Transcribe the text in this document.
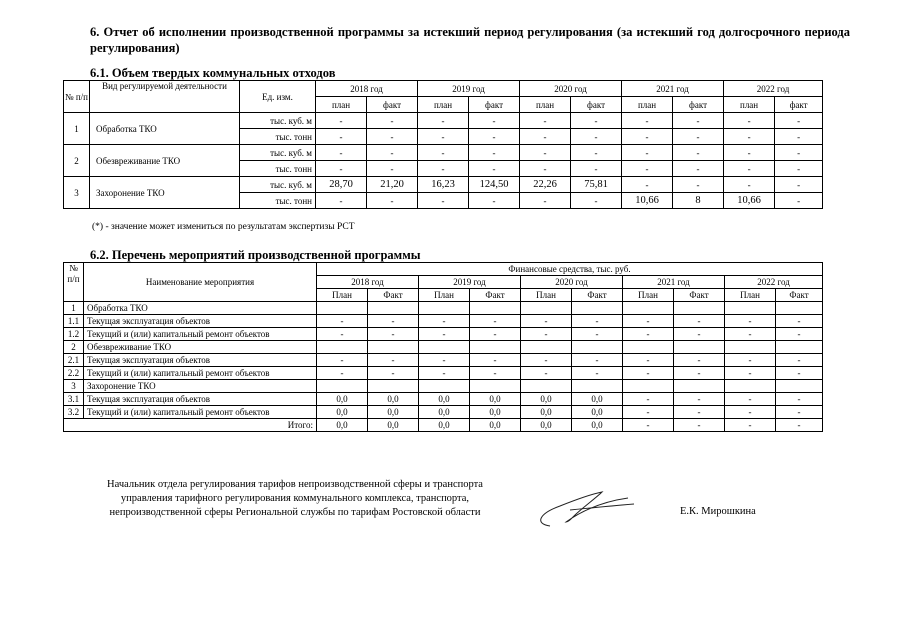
6. Отчет об исполнении производственной программы за истекший период регулирования (за истекший год долгосрочного периода регулирования)
6.1. Объем твердых коммунальных отходов
№ п/п	Вид регулируемой деятельности	Ед. изм.	2018 год		2019 год		2020 год		2021 год		2022 год	
			план	факт	план	факт	план	факт	план	факт	план	факт
1	Обработка ТКО	тыс. куб. м	-	-	-	-	-	-	-	-	-	-
		тыс. тонн	-	-	-	-	-	-	-	-	-	-
2	Обезвреживание ТКО	тыс. куб. м	-	-	-	-	-	-	-	-	-	-
		тыс. тонн	-	-	-	-	-	-	-	-	-	-
3	Захоронение ТКО	тыс. куб. м	28,70	21,20	16,23	124,50	22,26	75,81	-	-	-	-
		тыс. тонн	-	-	-	-	-	-	10,66	8	10,66	-
(*) - значение может измениться по результатам экспертизы РСТ
6.2. Перечень мероприятий производственной программы
№ п/п	Наименование мероприятия	Финансовые средства, тыс. руб.									
		2018 год		2019 год		2020 год		2021 год		2022 год	
		План	Факт	План	Факт	План	Факт	План	Факт	План	Факт
1	Обработка ТКО										
1.1	Текущая эксплуатация объектов	-	-	-	-	-	-	-	-	-	-
1.2	Текущий и (или) капитальный ремонт объектов	-	-	-	-	-	-	-	-	-	-
2	Обезвреживание ТКО										
2.1	Текущая эксплуатация объектов	-	-	-	-	-	-	-	-	-	-
2.2	Текущий и (или) капитальный ремонт объектов	-	-	-	-	-	-	-	-	-	-
3	Захоронение ТКО										
3.1	Текущая эксплуатация объектов	0,0	0,0	0,0	0,0	0,0	0,0	-	-	-	-
3.2	Текущий и (или) капитальный ремонт объектов	0,0	0,0	0,0	0,0	0,0	0,0	-	-	-	-
Итого:		0,0	0,0	0,0	0,0	0,0	0,0	-	-	-	-
Начальник отдела регулирования тарифов непроизводственной сферы и транспорта
управления тарифного регулирования коммунального комплекса, транспорта,
непроизводственной сферы Региональной службы по тарифам Ростовской области	Е.К. Мирошкина
